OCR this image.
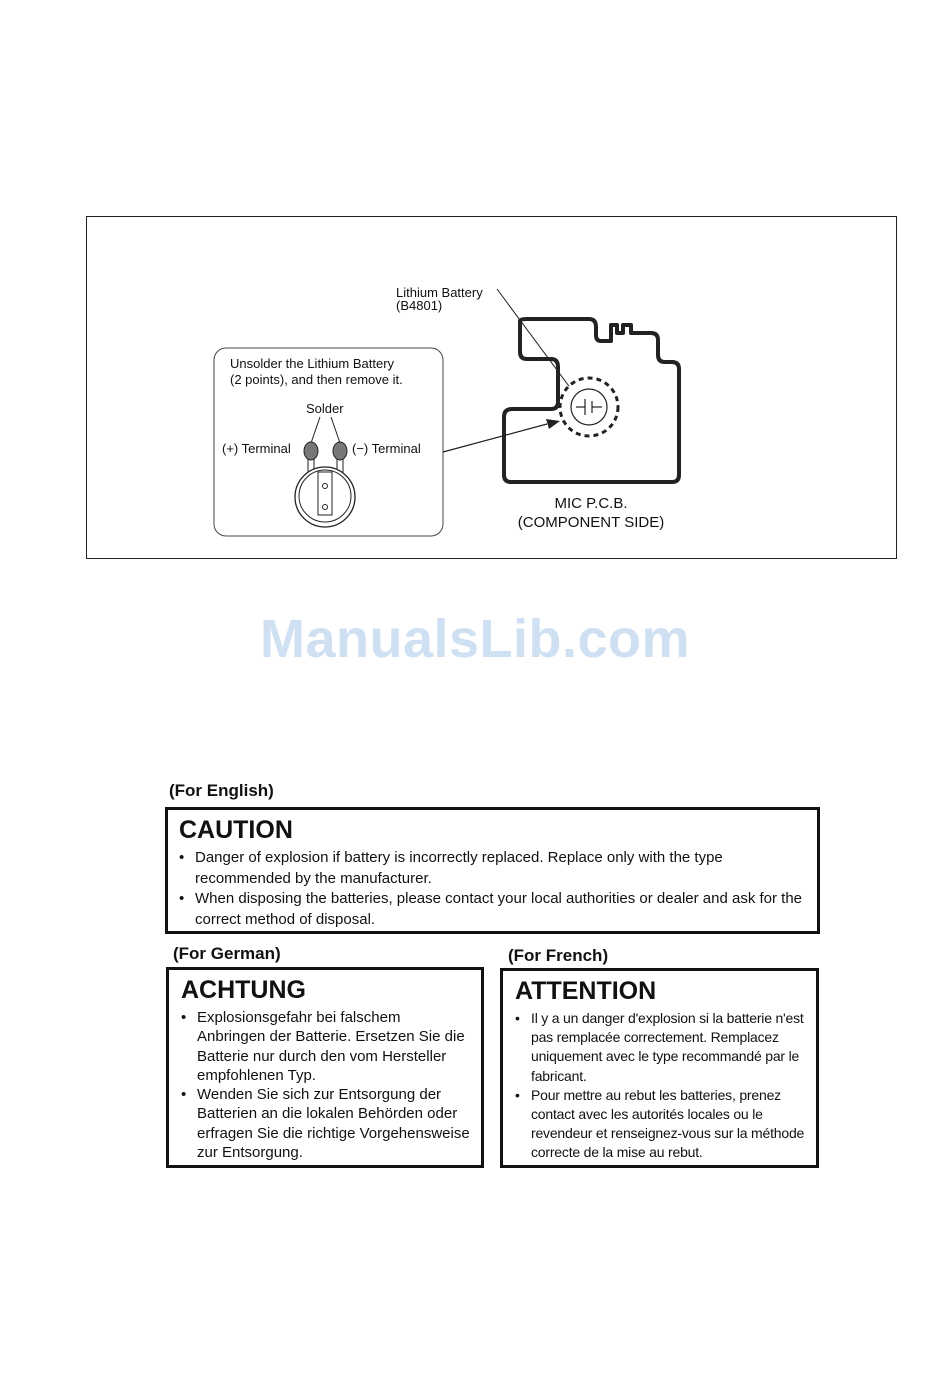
Lithium Battery
(B4801)
Unsolder the Lithium Battery
(2 points), and then remove it.
Solder
(+) Terminal	(−) Terminal
MIC P.C.B.
(COMPONENT SIDE)
ManualsLib.com
(For English)
CAUTION
• Danger of explosion if battery is incorrectly replaced. Replace only with the type recommended by the manufacturer.
• When disposing the batteries, please contact your local authorities or dealer and ask for the correct method of disposal.
(For German)
ACHTUNG
• Explosionsgefahr bei falschem Anbringen der Batterie. Ersetzen Sie die Batterie nur durch den vom Hersteller empfohlenen Typ.
• Wenden Sie sich zur Entsorgung der Batterien an die lokalen Behörden oder erfragen Sie die richtige Vorgehensweise zur Entsorgung.
(For French)
ATTENTION
• Il y a un danger d'explosion si la batterie n'est pas remplacée correctement. Remplacez uniquement avec le type recommandé par le fabricant.
• Pour mettre au rebut les batteries, prenez contact avec les autorités locales ou le revendeur et renseignez-vous sur la méthode correcte de la mise au rebut.
